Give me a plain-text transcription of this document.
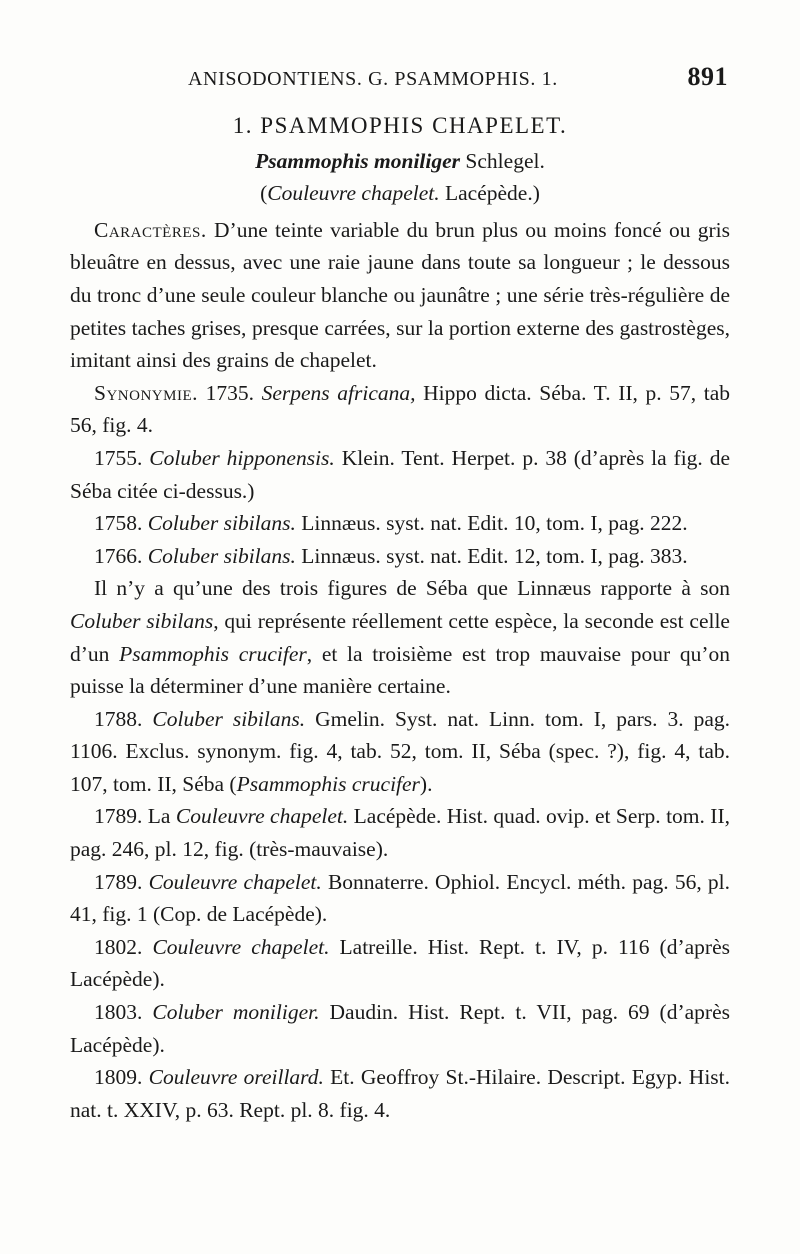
ANISODONTIENS. G. PSAMMOPHIS. 1.	891

1. PSAMMOPHIS CHAPELET.

Psammophis moniliger Schlegel.

(Couleuvre chapelet. Lacépède.)

Caractères. D’une teinte variable du brun plus ou moins foncé ou gris bleuâtre en dessus, avec une raie jaune dans toute sa longueur ; le dessous du tronc d’une seule couleur blanche ou jaunâtre ; une série très-régulière de petites taches grises, presque carrées, sur la portion externe des gastrostèges, imitant ainsi des grains de chapelet.

Synonymie. 1735. Serpens africana, Hippo dicta. Séba. T. II, p. 57, tab 56, fig. 4.

1755. Coluber hipponensis. Klein. Tent. Herpet. p. 38 (d’après la fig. de Séba citée ci-dessus.)

1758. Coluber sibilans. Linnæus. syst. nat. Edit. 10, tom. I, pag. 222.

1766. Coluber sibilans. Linnæus. syst. nat. Edit. 12, tom. I, pag. 383.

Il n’y a qu’une des trois figures de Séba que Linnæus rapporte à son Coluber sibilans, qui représente réellement cette espèce, la seconde est celle d’un Psammophis crucifer, et la troisième est trop mauvaise pour qu’on puisse la déterminer d’une manière certaine.

1788. Coluber sibilans. Gmelin. Syst. nat. Linn. tom. I, pars. 3. pag. 1106. Exclus. synonym. fig. 4, tab. 52, tom. II, Séba (spec. ?), fig. 4, tab. 107, tom. II, Séba (Psammophis crucifer).

1789. La Couleuvre chapelet. Lacépède. Hist. quad. ovip. et Serp. tom. II, pag. 246, pl. 12, fig. (très-mauvaise).

1789. Couleuvre chapelet. Bonnaterre. Ophiol. Encycl. méth. pag. 56, pl. 41, fig. 1 (Cop. de Lacépède).

1802. Couleuvre chapelet. Latreille. Hist. Rept. t. IV, p. 116 (d’après Lacépède).

1803. Coluber moniliger. Daudin. Hist. Rept. t. VII, pag. 69 (d’après Lacépède).

1809. Couleuvre oreillard. Et. Geoffroy St.-Hilaire. Descript. Egyp. Hist. nat. t. XXIV, p. 63. Rept. pl. 8. fig. 4.
